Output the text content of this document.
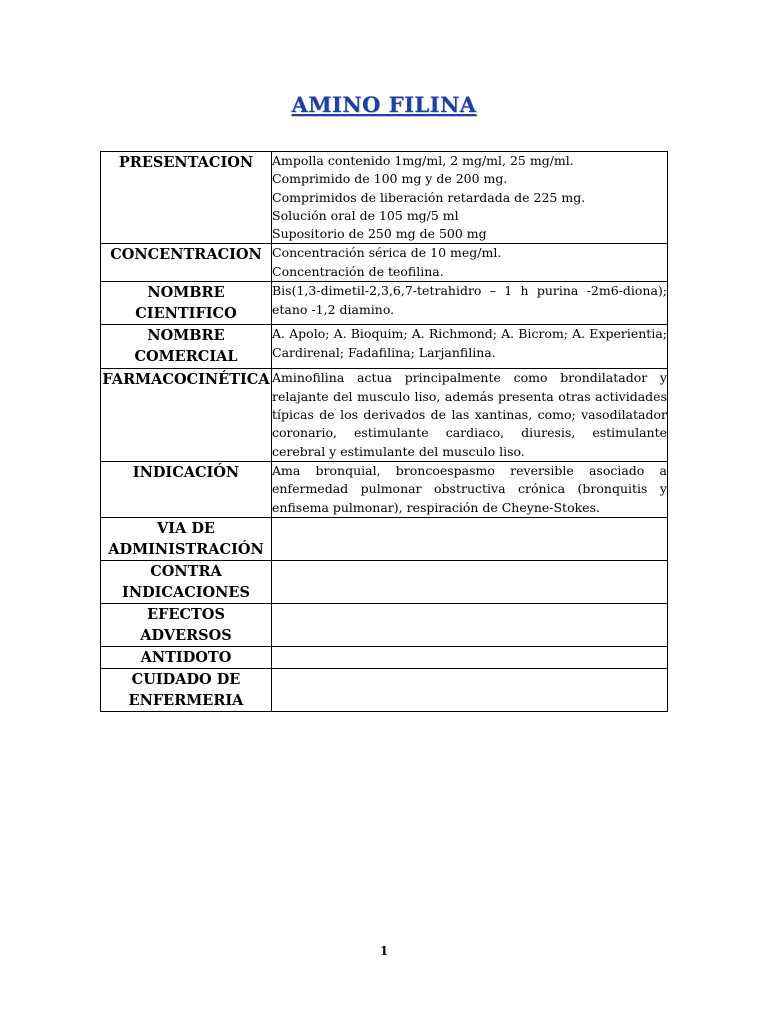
AMINO FILINA
PRESENTACION	Ampolla contenido 1mg/ml, 2 mg/ml, 25 mg/ml.
Comprimido de 100 mg y de 200 mg.
Comprimidos de liberación retardada de 225 mg.
Solución oral de 105 mg/5 ml
Supositorio de 250 mg de 500 mg

CONCENTRACION	Concentración sérica de 10 meg/ml.
Concentración de teofilina.

NOMBRE CIENTIFICO	Bis(1,3-dimetil-2,3,6,7-tetrahidro – 1 h purina -2m6-diona); etano -1,2 diamino.
NOMBRE COMERCIAL	A. Apolo; A. Bioquim; A. Richmond; A. Bicrom; A. Experientia; Cardirenal; Fadafilina; Larjanfilina.
FARMACOCINÉTICA	Aminofilina actua principalmente como brondilatador y relajante del musculo liso, además presenta otras actividades típicas de los derivados de las xantinas, como; vasodilatador coronario, estimulante cardiaco, diuresis, estimulante cerebral y estimulante del musculo liso.
INDICACIÓN	Ama bronquial, broncoespasmo reversible asociado a enfermedad pulmonar obstructiva crónica (bronquitis y enfisema pulmonar), respiración de Cheyne-Stokes.
VIA DE ADMINISTRACIÓN	
CONTRA INDICACIONES	
EFECTOS ADVERSOS	
ANTIDOTO	
CUIDADO DE ENFERMERIA	
1
